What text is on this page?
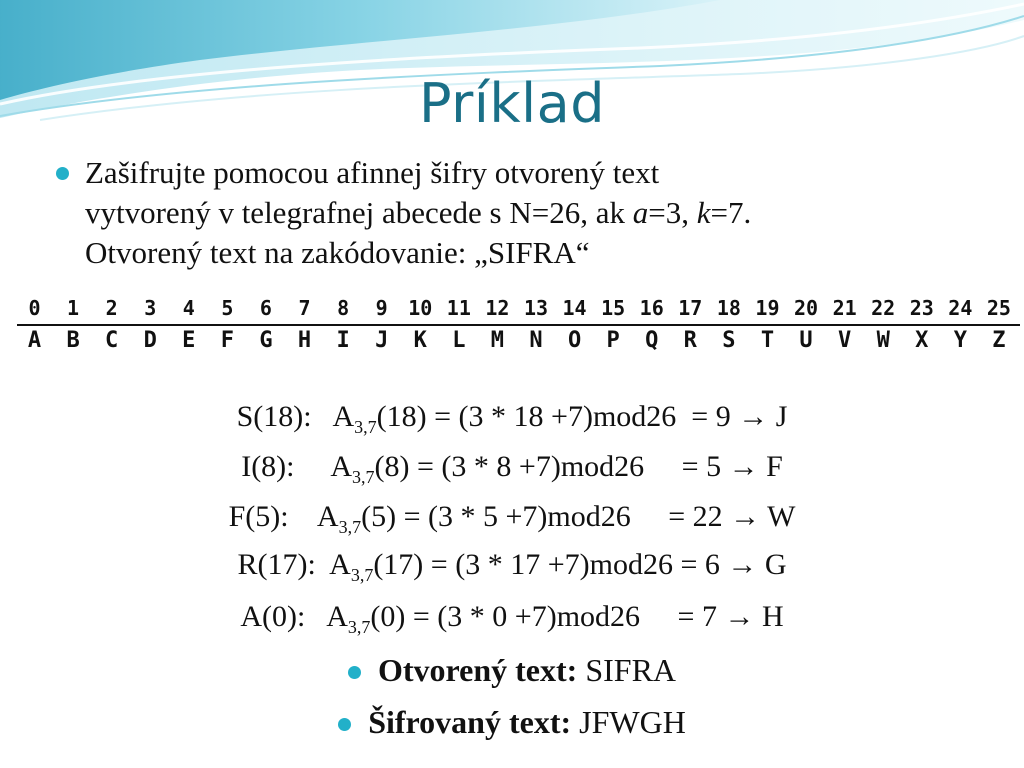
Príklad
Zašifrujte pomocou afinnej šifry otvorený text
vytvorený v telegrafnej abecede s N=26, ak a=3, k=7.
Otvorený text na zakódovanie: „SIFRA“
0
A
1
B
2
C
3
D
4
E
5
F
6
G
7
H
8
I
9
J
10
K
11
L
12
M
13
N
14
O
15
P
16
Q
17
R
18
S
19
T
20
U
21
V
22
W
23
X
24
Y
25
Z
S(18):   $A_{3,7}(18) = (3 * 18 +7)mod26 = 9 \to J$
I(8):     $A_{3,7}(8) = (3 * 8 +7)mod26$     = 5 → F
F(5):    $A_{3,7}(5) = (3 * 5 +7)mod26$     = 22 → W
R(17):  $A_{3,7}(17) = (3 * 17 +7)mod26 = 6 \to G$
A(0):   $A_{3,7}(0) = (3 * 0 +7)mod26$     = 7 → H
Otvorený text: SIFRA
Šifrovaný text: JFWGH
